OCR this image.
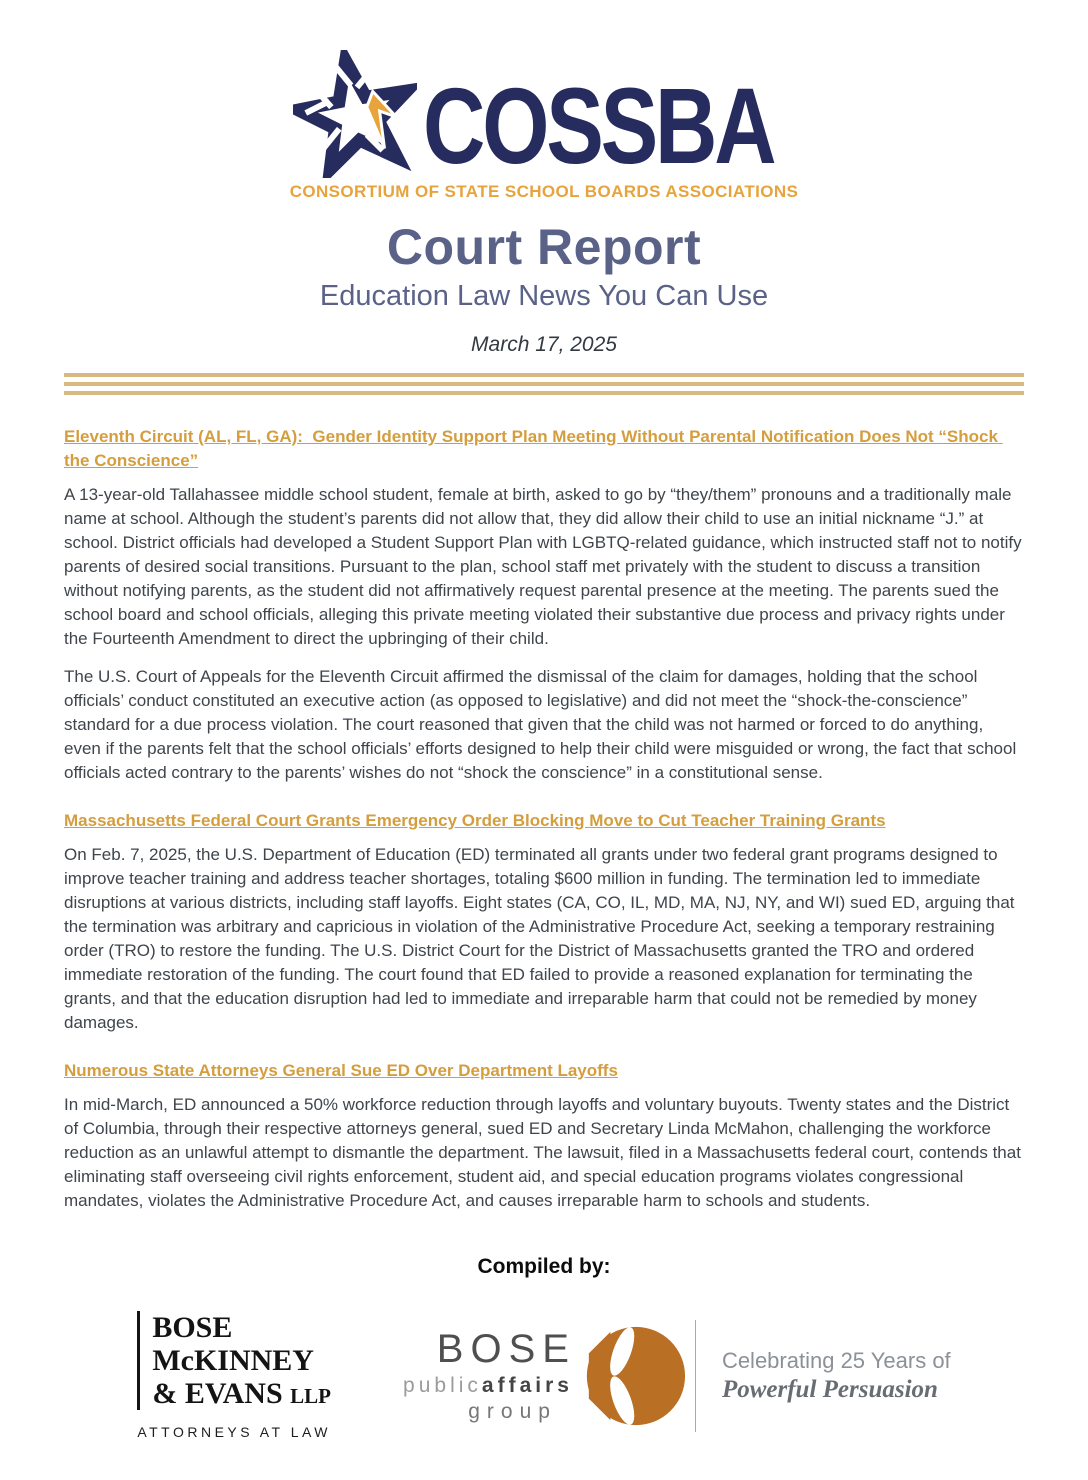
COSSBA
CONSORTIUM OF STATE SCHOOL BOARDS ASSOCIATIONS
Court Report
Education Law News You Can Use
March 17, 2025
Eleventh Circuit (AL, FL, GA):  Gender Identity Support Plan Meeting Without Parental Notification Does Not “Shock the Conscience”

A 13-year-old Tallahassee middle school student, female at birth, asked to go by “they/them” pronouns and a traditionally male name at school. Although the student’s parents did not allow that, they did allow their child to use an initial nickname “J.” at school. District officials had developed a Student Support Plan with LGBTQ-related guidance, which instructed staff not to notify parents of desired social transitions. Pursuant to the plan, school staff met privately with the student to discuss a transition without notifying parents, as the student did not affirmatively request parental presence at the meeting. The parents sued the school board and school officials, alleging this private meeting violated their substantive due process and privacy rights under the Fourteenth Amendment to direct the upbringing of their child.

The U.S. Court of Appeals for the Eleventh Circuit affirmed the dismissal of the claim for damages, holding that the school officials’ conduct constituted an executive action (as opposed to legislative) and did not meet the “shock-the-conscience” standard for a due process violation. The court reasoned that given that the child was not harmed or forced to do anything, even if the parents felt that the school officials’ efforts designed to help their child were misguided or wrong, the fact that school officials acted contrary to the parents’ wishes do not “shock the conscience” in a constitutional sense.

Massachusetts Federal Court Grants Emergency Order Blocking Move to Cut Teacher Training Grants

On Feb. 7, 2025, the U.S. Department of Education (ED) terminated all grants under two federal grant programs designed to improve teacher training and address teacher shortages, totaling $600 million in funding. The termination led to immediate disruptions at various districts, including staff layoffs. Eight states (CA, CO, IL, MD, MA, NJ, NY, and WI) sued ED, arguing that the termination was arbitrary and capricious in violation of the Administrative Procedure Act, seeking a temporary restraining order (TRO) to restore the funding. The U.S. District Court for the District of Massachusetts granted the TRO and ordered immediate restoration of the funding. The court found that ED failed to provide a reasoned explanation for terminating the grants, and that the education disruption had led to immediate and irreparable harm that could not be remedied by money damages.

Numerous State Attorneys General Sue ED Over Department Layoffs

In mid-March, ED announced a 50% workforce reduction through layoffs and voluntary buyouts. Twenty states and the District of Columbia, through their respective attorneys general, sued ED and Secretary Linda McMahon, challenging the workforce reduction as an unlawful attempt to dismantle the department. The lawsuit, filed in a Massachusetts federal court, contends that eliminating staff overseeing civil rights enforcement, student aid, and special education programs violates congressional mandates, violates the Administrative Procedure Act, and causes irreparable harm to schools and students.

Compiled by:
BOSE
McKINNEY
& EVANS LLP
ATTORNEYS AT LAW
BOSE
publicaffairs
group
Celebrating 25 Years of
Powerful Persuasion
